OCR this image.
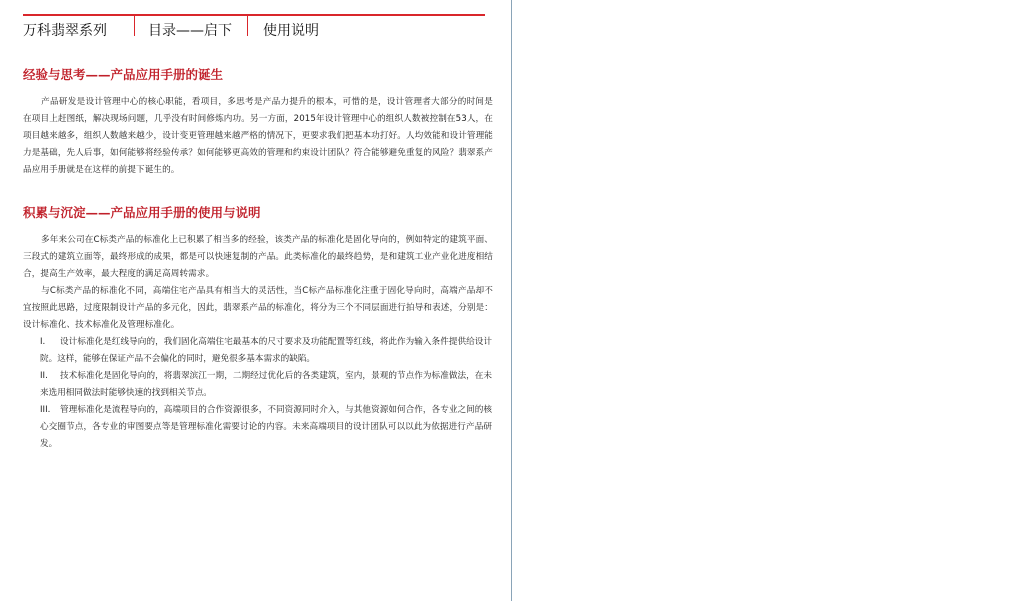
万科翡翠系列	目录——启下 使用说明
经验与思考——产品应用手册的诞生
产品研发是设计管理中心的核心职能，看项目，多思考是产品力提升的根本，可惜的是，设计管理者大部分的时间是在项目上赶图纸，解决现场问题，几乎没有时间修炼内功。另一方面，2015年设计管理中心的组织人数被控制在53人，在项目越来越多，组织人数越来越少，设计变更管理越来越严格的情况下，更要求我们把基本功打好。人均效能和设计管理能力是基础，先人后事，如何能够将经验传承？如何能够更高效的管理和约束设计团队？符合能够避免重复的风险？翡翠系产品应用手册就是在这样的前提下诞生的。
积累与沉淀——产品应用手册的使用与说明
多年来公司在C标类产品的标准化上已积累了相当多的经验，该类产品的标准化是固化导向的，例如特定的建筑平面、三段式的建筑立面等，最终形成的成果，都是可以快速复制的产品。此类标准化的最终趋势，是和建筑工业产业化进度相结合，提高生产效率，最大程度的满足高周转需求。
与C标类产品的标准化不同，高端住宅产品具有相当大的灵活性，当C标产品标准化注重于固化导向时，高端产品却不宜按照此思路，过度限制设计产品的多元化，因此，翡翠系产品的标准化，将分为三个不同层面进行拍导和表述，分别是：设计标准化、技术标准化及管理标准化。
I. 设计标准化是红线导向的，我们固化高端住宅最基本的尺寸要求及功能配置等红线，将此作为输入条件提供给设计院。这样，能够在保证产品不会偏化的同时，避免很多基本需求的缺陷。
II. 技术标准化是固化导向的，将翡翠滨江一期，二期经过优化后的各类建筑，室内，景观的节点作为标准做法，在未来选用相同做法时能够快速的找到相关节点。
III. 管理标准化是流程导向的，高端项目的合作资源很多，不同资源同时介入，与其他资源如何合作，各专业之间的核心交圈节点，各专业的审图要点等是管理标准化需要讨论的内容。未来高端项目的设计团队可以以此为依据进行产品研发。
